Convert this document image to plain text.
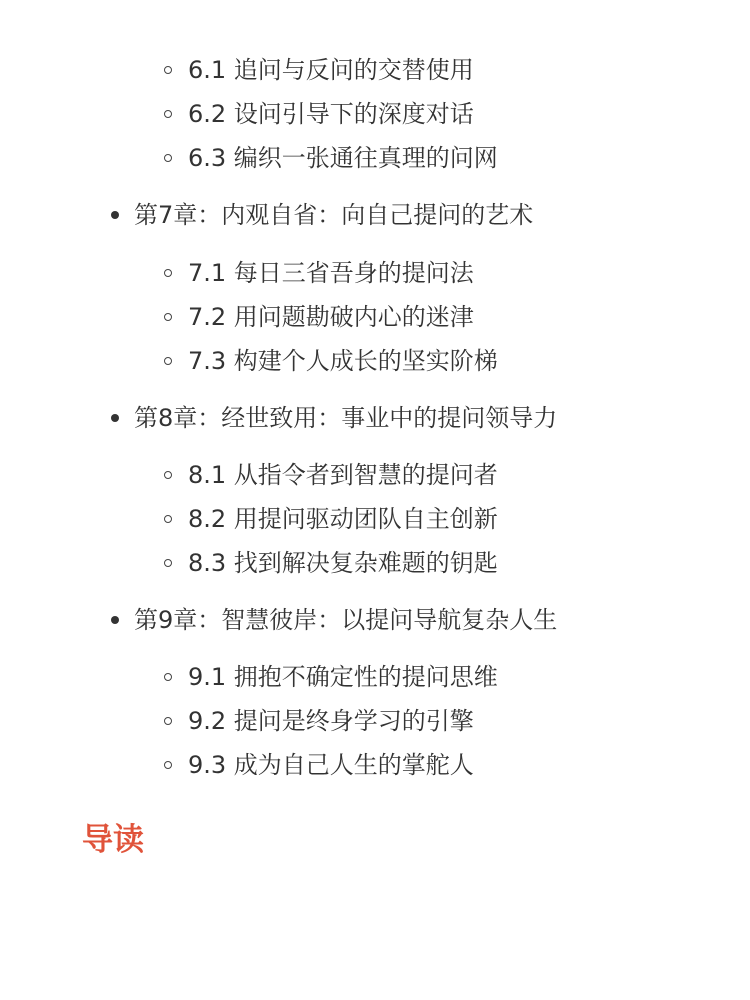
6.1 追问与反问的交替使用
6.2 设问引导下的深度对话
6.3 编织一张通往真理的问网
第7章：内观自省：向自己提问的艺术
7.1 每日三省吾身的提问法
7.2 用问题勘破内心的迷津
7.3 构建个人成长的坚实阶梯
第8章：经世致用：事业中的提问领导力
8.1 从指令者到智慧的提问者
8.2 用提问驱动团队自主创新
8.3 找到解决复杂难题的钥匙
第9章：智慧彼岸：以提问导航复杂人生
9.1 拥抱不确定性的提问思维
9.2 提问是终身学习的引擎
9.3 成为自己人生的掌舵人
导读
